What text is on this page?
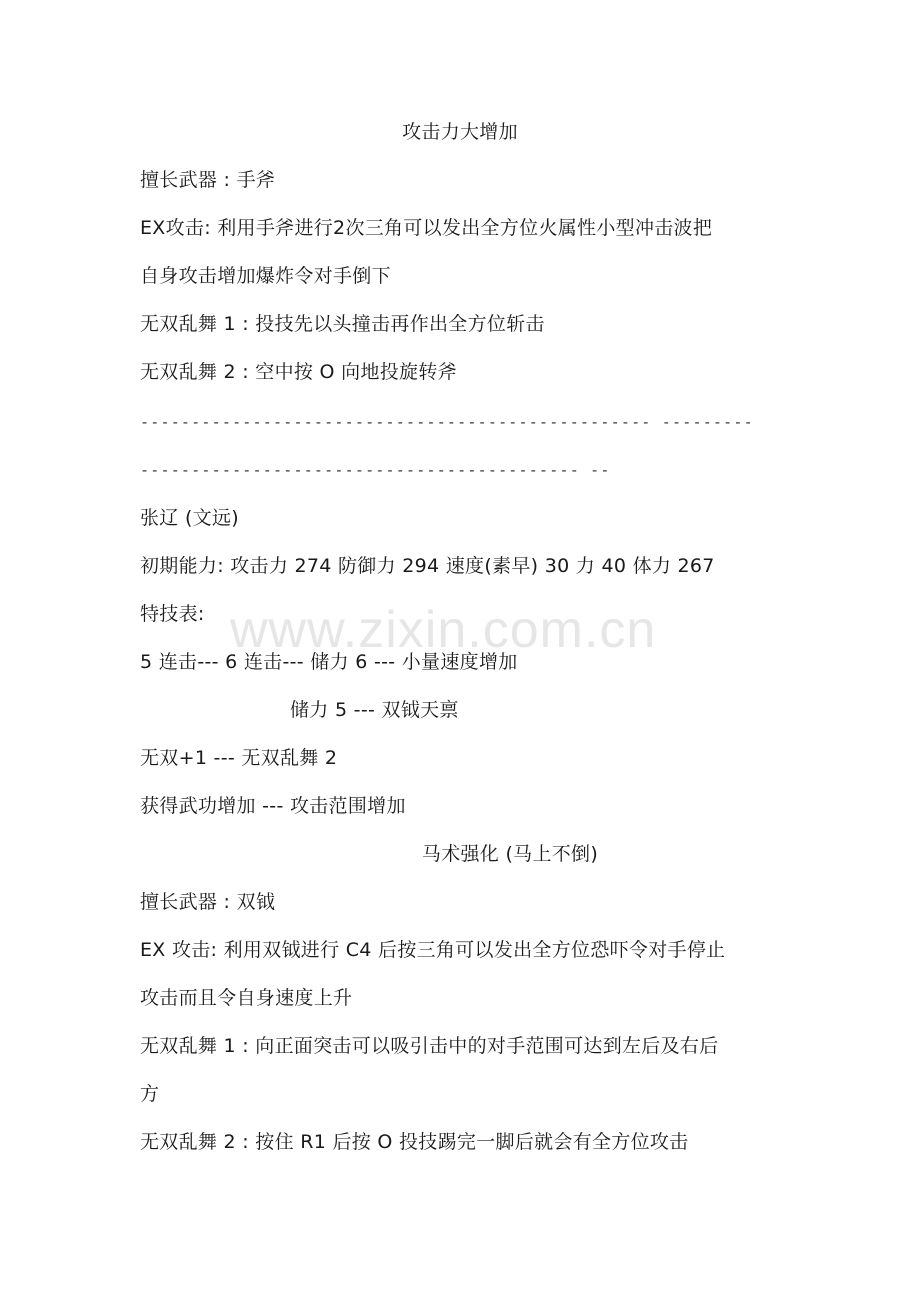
www.zixin.com.cn
攻击力大增加
擅长武器 : 手斧
EX攻击: 利用手斧进行2次三角可以发出全方位火属性小型冲击波把
自身攻击增加爆炸令对手倒下
无双乱舞 1 : 投技先以头撞击再作出全方位斩击
无双乱舞 2 : 空中按 O 向地投旋转斧
-------------------------------------------------- ---------
------------------------------------------- --
张辽 (文远)
初期能力: 攻击力 274 防御力 294 速度(素早) 30 力 40 体力 267
特技表:
5 连击--- 6 连击--- 储力 6 --- 小量速度增加
储力 5 --- 双钺天禀
无双+1 --- 无双乱舞 2
获得武功增加 --- 攻击范围增加
马术强化 (马上不倒)
擅长武器 : 双钺
EX 攻击: 利用双钺进行 C4 后按三角可以发出全方位恐吓令对手停止
攻击而且令自身速度上升
无双乱舞 1 : 向正面突击可以吸引击中的对手范围可达到左后及右后
方
无双乱舞 2 : 按住 R1 后按 O 投技踢完一脚后就会有全方位攻击
